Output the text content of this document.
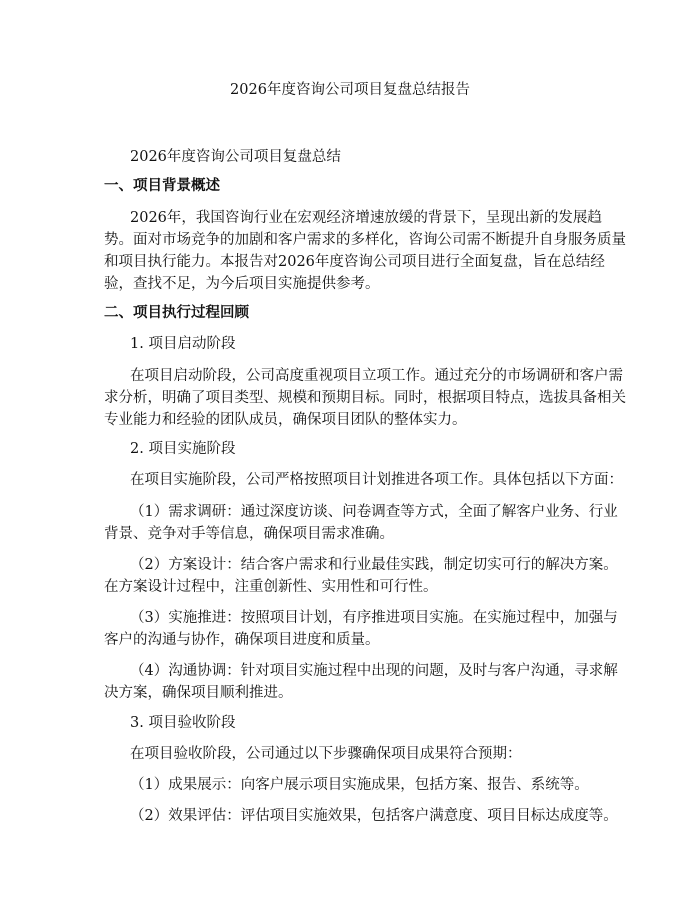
2026年度咨询公司项目复盘总结报告
2026年度咨询公司项目复盘总结
一、项目背景概述
2026年，我国咨询行业在宏观经济增速放缓的背景下，呈现出新的发展趋
势。面对市场竞争的加剧和客户需求的多样化，咨询公司需不断提升自身服务质量
和项目执行能力。本报告对2026年度咨询公司项目进行全面复盘，旨在总结经
验，查找不足，为今后项目实施提供参考。
二、项目执行过程回顾
1. 项目启动阶段
在项目启动阶段，公司高度重视项目立项工作。通过充分的市场调研和客户需
求分析，明确了项目类型、规模和预期目标。同时，根据项目特点，选拔具备相关
专业能力和经验的团队成员，确保项目团队的整体实力。
2. 项目实施阶段
在项目实施阶段，公司严格按照项目计划推进各项工作。具体包括以下方面：
（1）需求调研：通过深度访谈、问卷调查等方式，全面了解客户业务、行业
背景、竞争对手等信息，确保项目需求准确。
（2）方案设计：结合客户需求和行业最佳实践，制定切实可行的解决方案。
在方案设计过程中，注重创新性、实用性和可行性。
（3）实施推进：按照项目计划，有序推进项目实施。在实施过程中，加强与
客户的沟通与协作，确保项目进度和质量。
（4）沟通协调：针对项目实施过程中出现的问题，及时与客户沟通，寻求解
决方案，确保项目顺利推进。
3. 项目验收阶段
在项目验收阶段，公司通过以下步骤确保项目成果符合预期：
（1）成果展示：向客户展示项目实施成果，包括方案、报告、系统等。
（2）效果评估：评估项目实施效果，包括客户满意度、项目目标达成度等。
